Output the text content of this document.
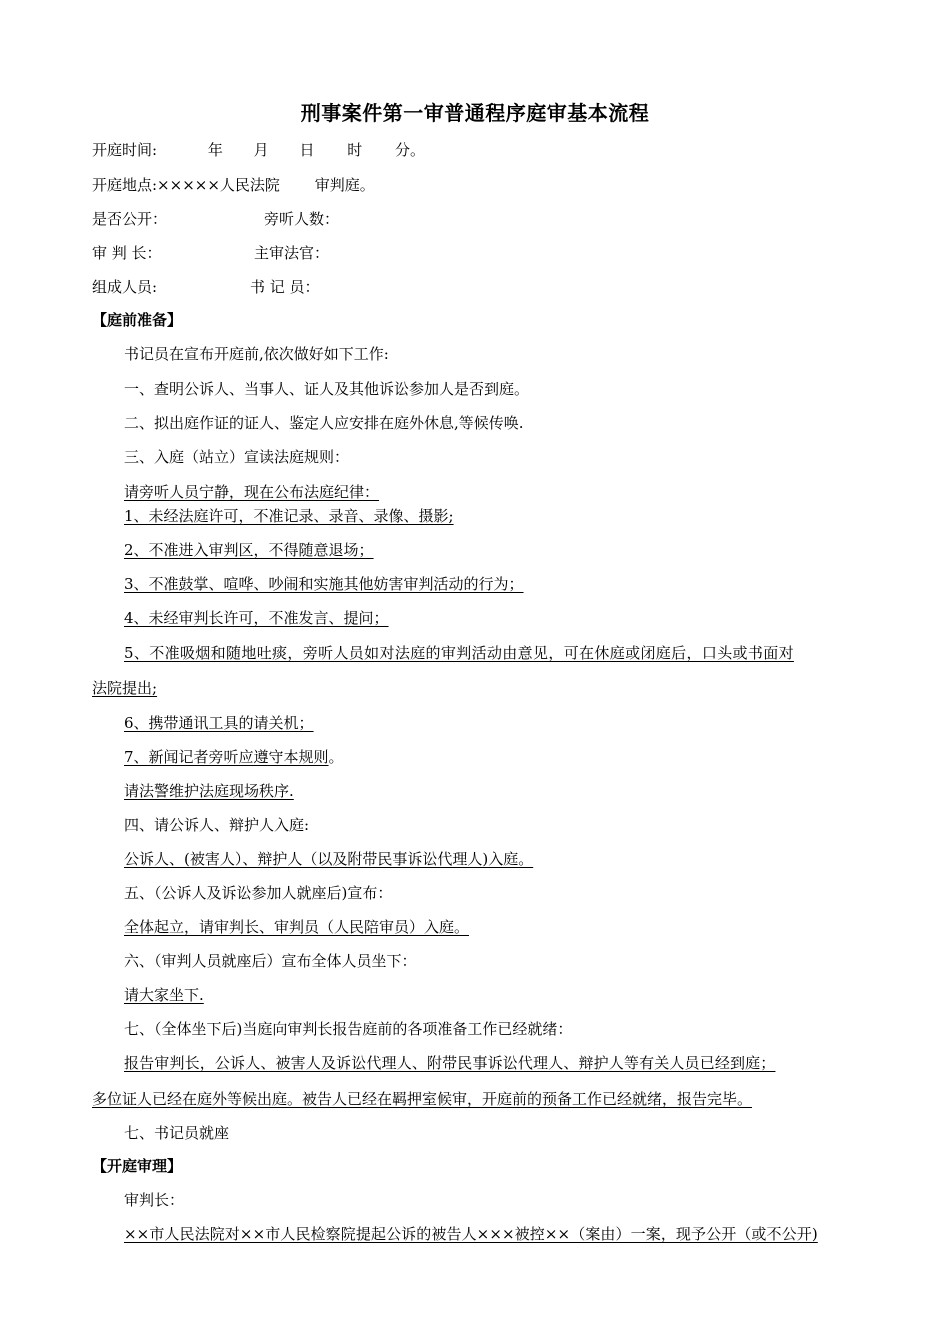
刑事案件第一审普通程序庭审基本流程
开庭时间:	年 月 日 时 分。
开庭地点:×××××人民法院 审判庭。
是否公开：	旁听人数：
审 判 长：	主审法官：
组成人员:	书 记 员：
【庭前准备】
书记员在宣布开庭前,依次做好如下工作:
一、查明公诉人、当事人、证人及其他诉讼参加人是否到庭。
二、拟出庭作证的证人、鉴定人应安排在庭外休息,等候传唤.
三、入庭（站立）宣读法庭规则：
请旁听人员宁静，现在公布法庭纪律：
1、未经法庭许可，不准记录、录音、录像、摄影;
2、不准进入审判区，不得随意退场；
3、不准鼓掌、喧哗、吵闹和实施其他妨害审判活动的行为；
4、未经审判长许可，不准发言、提问；
5、不准吸烟和随地吐痰，旁听人员如对法庭的审判活动由意见，可在休庭或闭庭后，口头或书面对
法院提出;
6、携带通讯工具的请关机；
7、新闻记者旁听应遵守本规则。
请法警维护法庭现场秩序.
四、请公诉人、辩护人入庭:
公诉人、(被害人）、辩护人（以及附带民事诉讼代理人)入庭。
五、（公诉人及诉讼参加人就座后)宣布：
全体起立，请审判长、审判员（人民陪审员）入庭。
六、（审判人员就座后）宣布全体人员坐下：
请大家坐下.
七、（全体坐下后)当庭向审判长报告庭前的各项准备工作已经就绪：
报告审判长，公诉人、被害人及诉讼代理人、附带民事诉讼代理人、辩护人等有关人员已经到庭；
多位证人已经在庭外等候出庭。被告人已经在羁押室候审，开庭前的预备工作已经就绪，报告完毕。
七、书记员就座
【开庭审理】
审判长：
××市人民法院对××市人民检察院提起公诉的被告人×××被控××（案由）一案，现予公开（或不公开)
